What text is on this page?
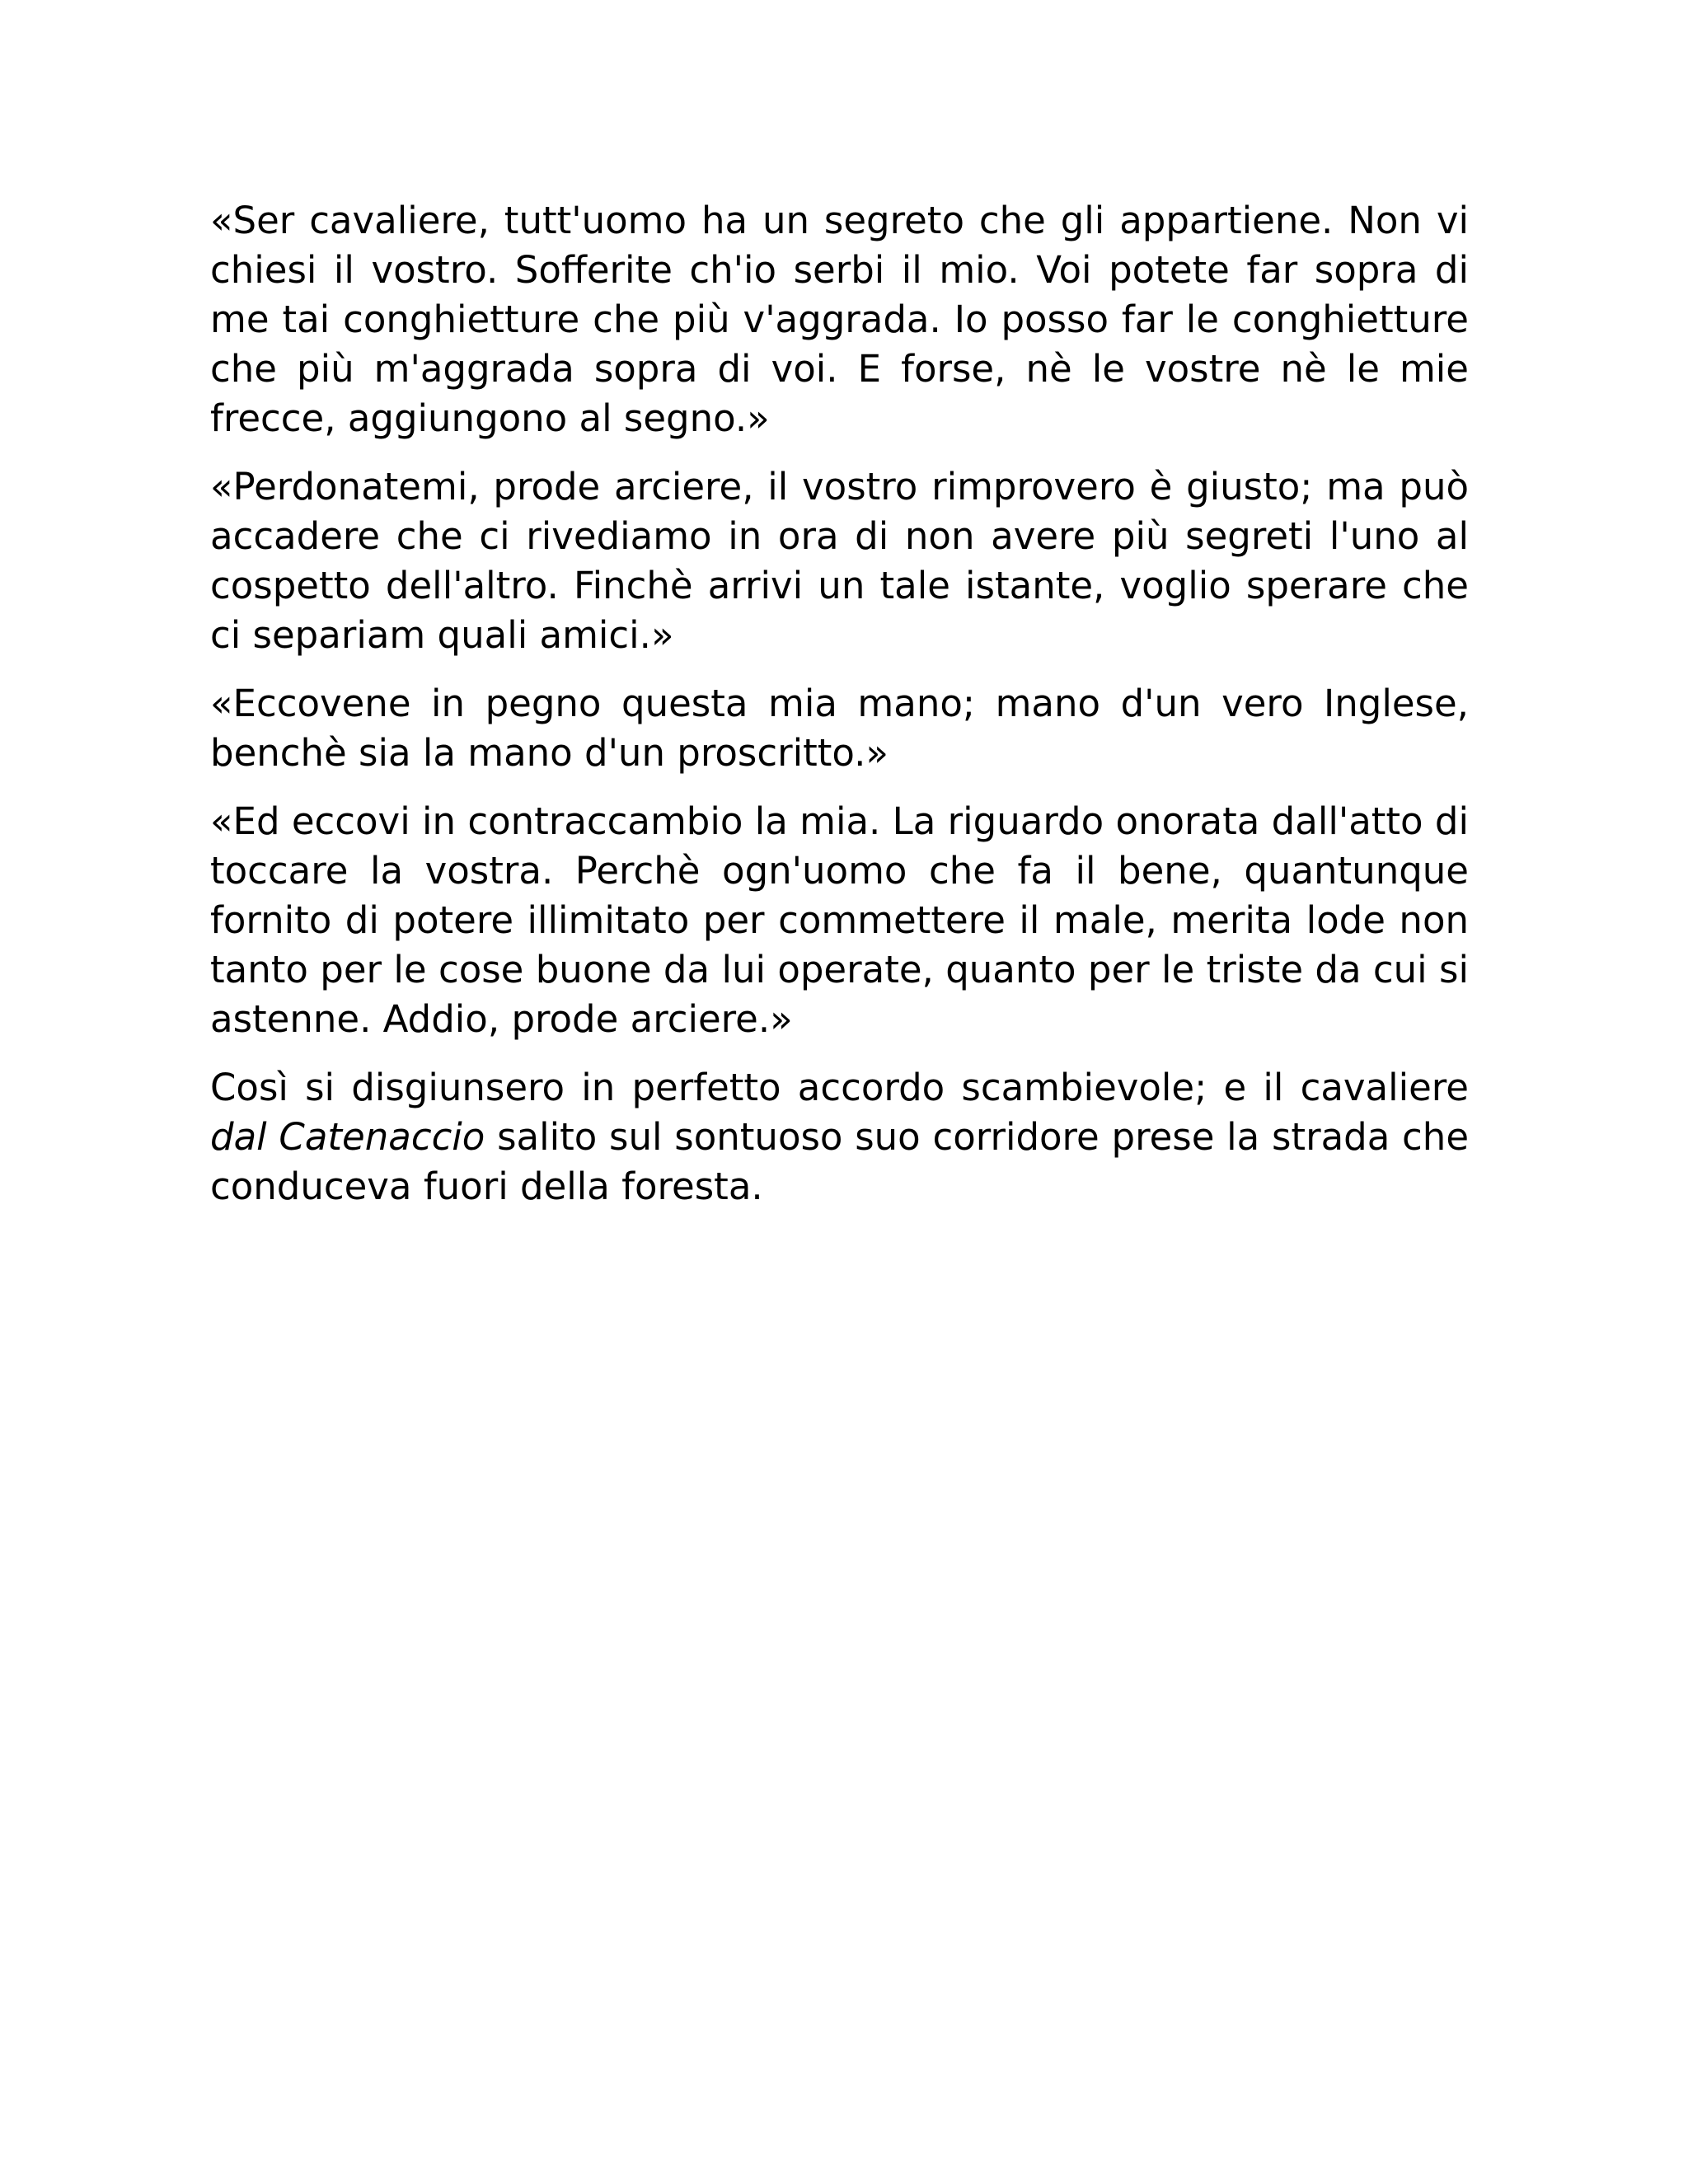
«Ser cavaliere, tutt'uomo ha un segreto che gli appartiene. Non vi chiesi il vostro. Sofferite ch'io serbi il mio. Voi potete far sopra di me tai conghietture che più v'aggrada. Io posso far le conghietture che più m'aggrada sopra di voi. E forse, nè le vostre nè le mie frecce, aggiungono al segno.»

«Perdonatemi, prode arciere, il vostro rimprovero è giusto; ma può accadere che ci rivediamo in ora di non avere più segreti l'uno al cospetto dell'altro. Finchè arrivi un tale istante, voglio sperare che ci separiam quali amici.»

«Eccovene in pegno questa mia mano; mano d'un vero Inglese, benchè sia la mano d'un proscritto.»

«Ed eccovi in contraccambio la mia. La riguardo onorata dall'atto di toccare la vostra. Perchè ogn'uomo che fa il bene, quantunque fornito di potere illimitato per commettere il male, merita lode non tanto per le cose buone da lui operate, quanto per le triste da cui si astenne. Addio, prode arciere.»

Così si disgiunsero in perfetto accordo scambievole; e il cavaliere dal Catenaccio salito sul sontuoso suo corridore prese la strada che conduceva fuori della foresta.
